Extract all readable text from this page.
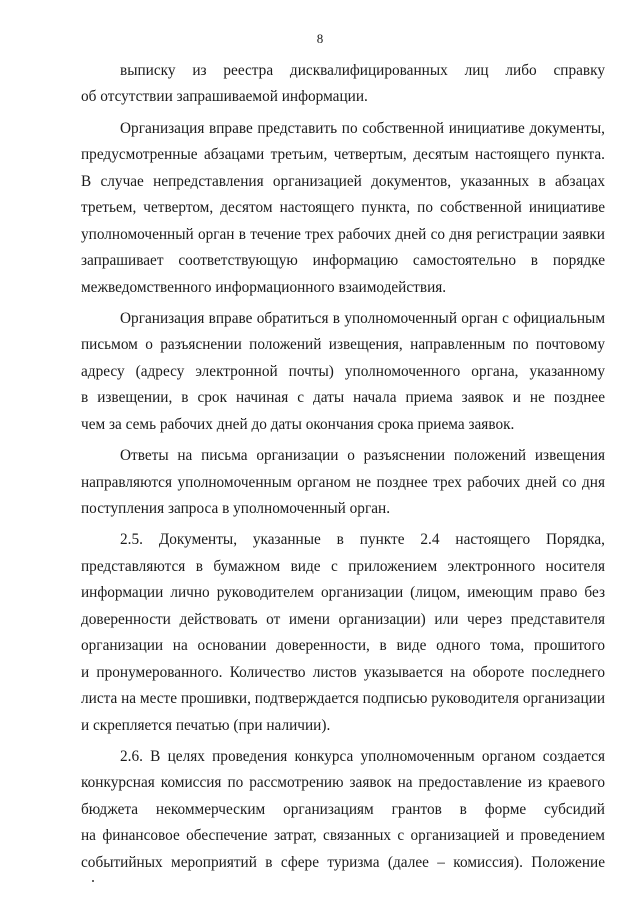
8
выписку из реестра дисквалифицированных лиц либо справку
об отсутствии запрашиваемой информации.
Организация вправе представить по собственной инициативе документы,
предусмотренные абзацами третьим, четвертым, десятым настоящего пункта.
В случае непредставления организацией документов, указанных в абзацах
третьем, четвертом, десятом настоящего пункта, по собственной инициативе
уполномоченный орган в течение трех рабочих дней со дня регистрации заявки
запрашивает соответствующую информацию самостоятельно в порядке
межведомственного информационного взаимодействия.
Организация вправе обратиться в уполномоченный орган с официальным
письмом о разъяснении положений извещения, направленным по почтовому
адресу (адресу электронной почты) уполномоченного органа, указанному
в извещении, в срок начиная с даты начала приема заявок и не позднее
чем за семь рабочих дней до даты окончания срока приема заявок.
Ответы на письма организации о разъяснении положений извещения
направляются уполномоченным органом не позднее трех рабочих дней со дня
поступления запроса в уполномоченный орган.
2.5. Документы, указанные в пункте 2.4 настоящего Порядка,
представляются в бумажном виде с приложением электронного носителя
информации лично руководителем организации (лицом, имеющим право без
доверенности действовать от имени организации) или через представителя
организации на основании доверенности, в виде одного тома, прошитого
и пронумерованного. Количество листов указывается на обороте последнего
листа на месте прошивки, подтверждается подписью руководителя организации
и скрепляется печатью (при наличии).
2.6. В целях проведения конкурса уполномоченным органом создается
конкурсная комиссия по рассмотрению заявок на предоставление из краевого
бюджета некоммерческим организациям грантов в форме субсидий
на финансовое обеспечение затрат, связанных с организацией и проведением
событийных мероприятий в сфере туризма (далее – комиссия). Положение
